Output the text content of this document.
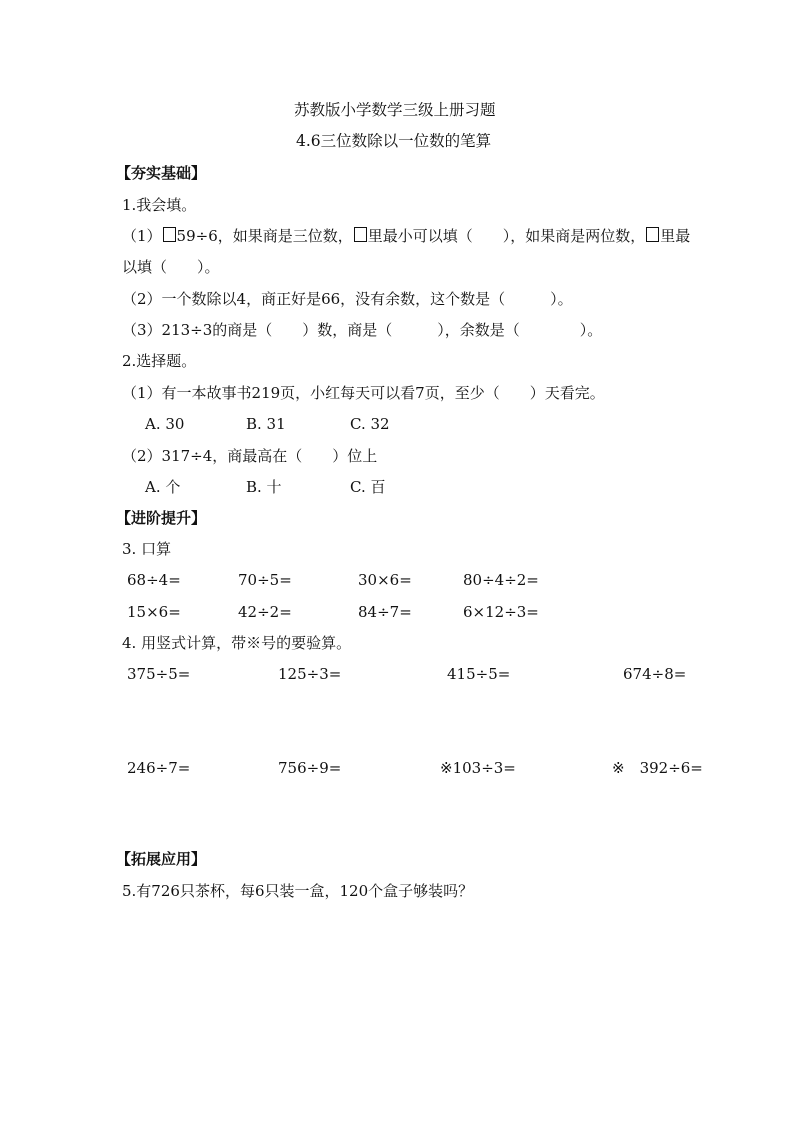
苏教版小学数学三级上册习题
4.6三位数除以一位数的笔算
【夯实基础】
1.我会填。
（1） 59÷6，如果商是三位数， 里最小可以填（　　），如果商是两位数， 里最
以填（　　）。
（2）一个数除以4，商正好是66，没有余数，这个数是（　　　）。
（3）213÷3的商是（　　）数，商是（　　　），余数是（　　　　）。
2.选择题。
（1）有一本故事书219页，小红每天可以看7页，至少（　　）天看完。
A. 30	B. 31	C. 32
（2）317÷4，商最高在（　　）位上
A. 个	B. 十	C. 百
【进阶提升】
3. 口算
68÷4=	70÷5=	30×6=	80÷4÷2=
15×6=	42÷2=	84÷7=	6×12÷3=
4. 用竖式计算，带※号的要验算。
375÷5=	125÷3=	415÷5=	674÷8=
246÷7=	756÷9=	※103÷3=	※　392÷6=
【拓展应用】
5.有726只茶杯，每6只装一盒，120个盒子够装吗？
